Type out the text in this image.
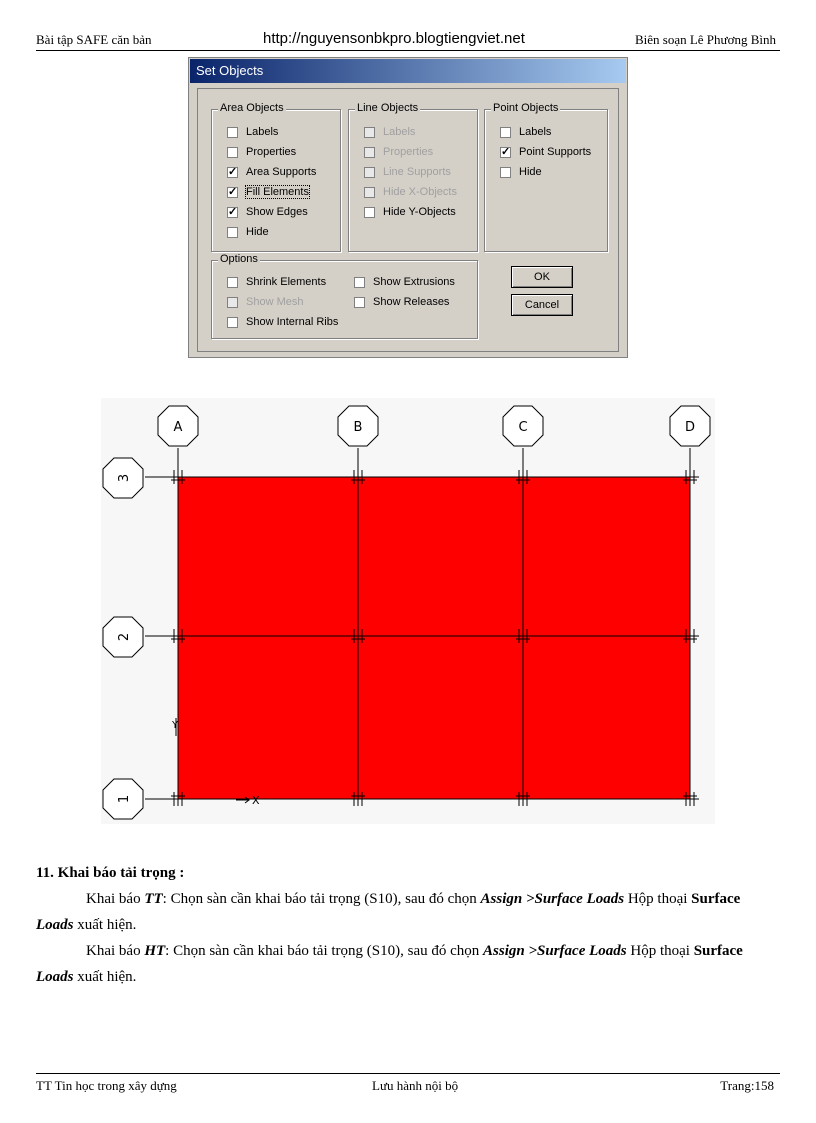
Bài tập SAFE căn bản	http://nguyensonbkpro.blogtiengviet.net	Biên soạn Lê Phương Bình
Set Objects
Area Objects
Labels
Properties
✓Area Supports
✓Fill Elements
✓Show Edges
Hide
Line Objects
Labels
Properties
Line Supports
Hide X-Objects
Hide Y-Objects
Point Objects
Labels
✓Point Supports
Hide
Options
Shrink Elements	Show Extrusions
Show Mesh	Show Releases
Show Internal Ribs
OK
Cancel
A	B	C	D
3
2
1	X
Y
11. Khai báo tải trọng :

Khai báo TT: Chọn sàn cần khai báo tải trọng (S10), sau đó chọn Assign >Surface Loads Hộp thoại Surface Loads xuất hiện.

Khai báo HT: Chọn sàn cần khai báo tải trọng (S10), sau đó chọn Assign >Surface Loads Hộp thoại Surface Loads xuất hiện.

TT Tin học trong xây dựng	Lưu hành nội bộ	Trang:158
